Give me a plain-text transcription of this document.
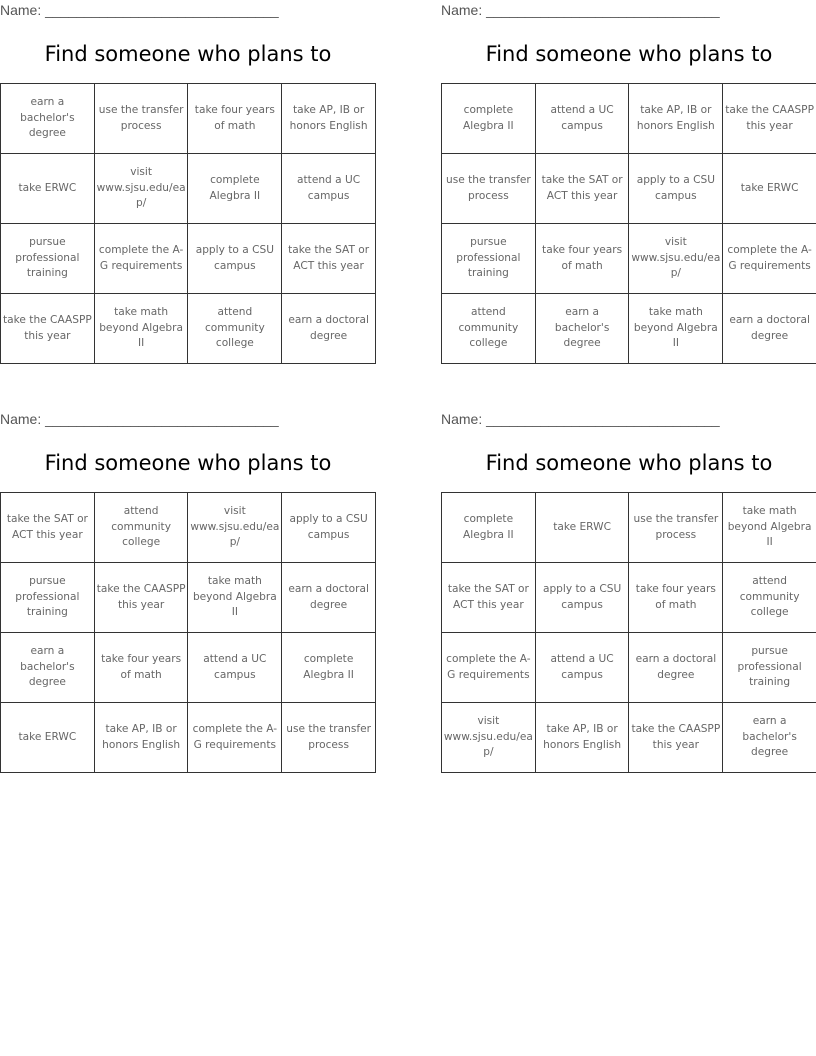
Name: ______________________________
Find someone who plans to
earn a bachelor's degree	use the transfer process	take four years of math	take AP, IB or honors English
take ERWC	visit www.sjsu.edu/eap/	complete Alegbra II	attend a UC campus
pursue professional training	complete the A-G requirements	apply to a CSU campus	take the SAT or ACT this year
take the CAASPP this year	take math beyond Algebra II	attend community college	earn a doctoral degree
Name: ______________________________
Find someone who plans to
complete Alegbra II	attend a UC campus	take AP, IB or honors English	take the CAASPP this year
use the transfer process	take the SAT or ACT this year	apply to a CSU campus	take ERWC
pursue professional training	take four years of math	visit www.sjsu.edu/eap/	complete the A-G requirements
attend community college	earn a bachelor's degree	take math beyond Algebra II	earn a doctoral degree
Name: ______________________________
Find someone who plans to
take the SAT or ACT this year	attend community college	visit www.sjsu.edu/eap/	apply to a CSU campus
pursue professional training	take the CAASPP this year	take math beyond Algebra II	earn a doctoral degree
earn a bachelor's degree	take four years of math	attend a UC campus	complete Alegbra II
take ERWC	take AP, IB or honors English	complete the A-G requirements	use the transfer process
Name: ______________________________
Find someone who plans to
complete Alegbra II	take ERWC	use the transfer process	take math beyond Algebra II
take the SAT or ACT this year	apply to a CSU campus	take four years of math	attend community college
complete the A-G requirements	attend a UC campus	earn a doctoral degree	pursue professional training
visit www.sjsu.edu/eap/	take AP, IB or honors English	take the CAASPP this year	earn a bachelor's degree
